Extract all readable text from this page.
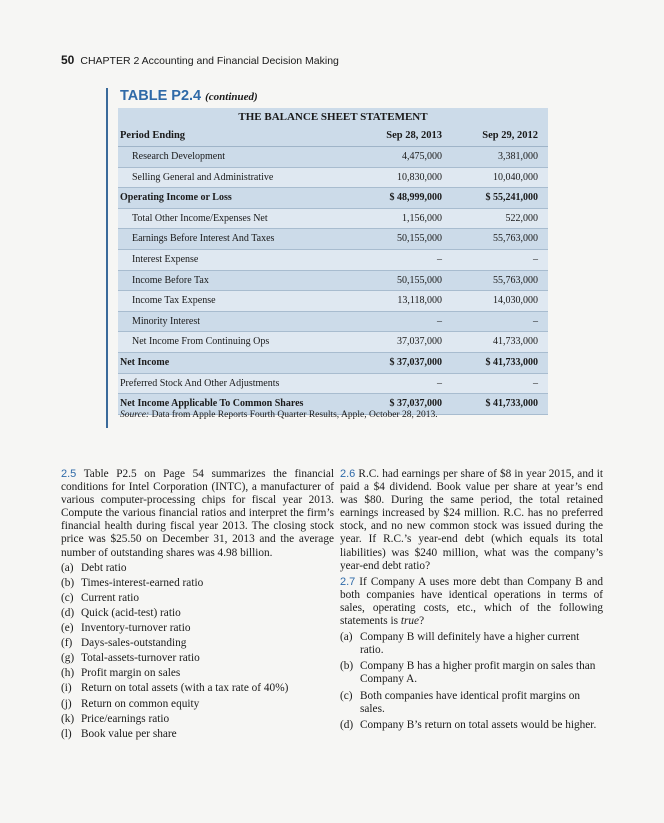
50 CHAPTER 2 Accounting and Financial Decision Making
TABLE P2.4 (continued)
THE BALANCE SHEET STATEMENT
Period Ending	Sep 28, 2013	Sep 29, 2012
Research Development	4,475,000	3,381,000
Selling General and Administrative	10,830,000	10,040,000
Operating Income or Loss	$ 48,999,000	$ 55,241,000
Total Other Income/Expenses Net	1,156,000	522,000
Earnings Before Interest And Taxes	50,155,000	55,763,000
Interest Expense	–	–
Income Before Tax	50,155,000	55,763,000
Income Tax Expense	13,118,000	14,030,000
Minority Interest	–	–
Net Income From Continuing Ops	37,037,000	41,733,000
Net Income	$ 37,037,000	$ 41,733,000
Preferred Stock And Other Adjustments	–	–
Net Income Applicable To Common Shares	$ 37,037,000	$ 41,733,000
Source: Data from Apple Reports Fourth Quarter Results, Apple, October 28, 2013.

2.5 Table P2.5 on Page 54 summarizes the financial conditions for Intel Corporation (INTC), a manufacturer of various computer-processing chips for fiscal year 2013. Compute the various financial ratios and interpret the firm’s financial health during fiscal year 2013. The closing stock price was $25.50 on December 31, 2013 and the average number of outstanding shares was 4.98 billion.

(a) Debt ratio
(b) Times-interest-earned ratio
(c) Current ratio
(d) Quick (acid-test) ratio
(e) Inventory-turnover ratio
(f) Days-sales-outstanding
(g) Total-assets-turnover ratio
(h) Profit margin on sales
(i) Return on total assets (with a tax rate of 40%)
(j) Return on common equity
(k) Price/earnings ratio
(l) Book value per share

2.6 R.C. had earnings per share of $8 in year 2015, and it paid a $4 dividend. Book value per share at year’s end was $80. During the same period, the total retained earnings increased by $24 million. R.C. has no preferred stock, and no new common stock was issued during the year. If R.C.’s year-end debt (which equals its total liabilities) was $240 million, what was the company’s year-end debt ratio?

2.7 If Company A uses more debt than Company B and both companies have identical operations in terms of sales, operating costs, etc., which of the following statements is true?

(a) Company B will definitely have a higher current ratio.
(b) Company B has a higher profit margin on sales than Company A.
(c) Both companies have identical profit margins on sales.
(d) Company B’s return on total assets would be higher.
